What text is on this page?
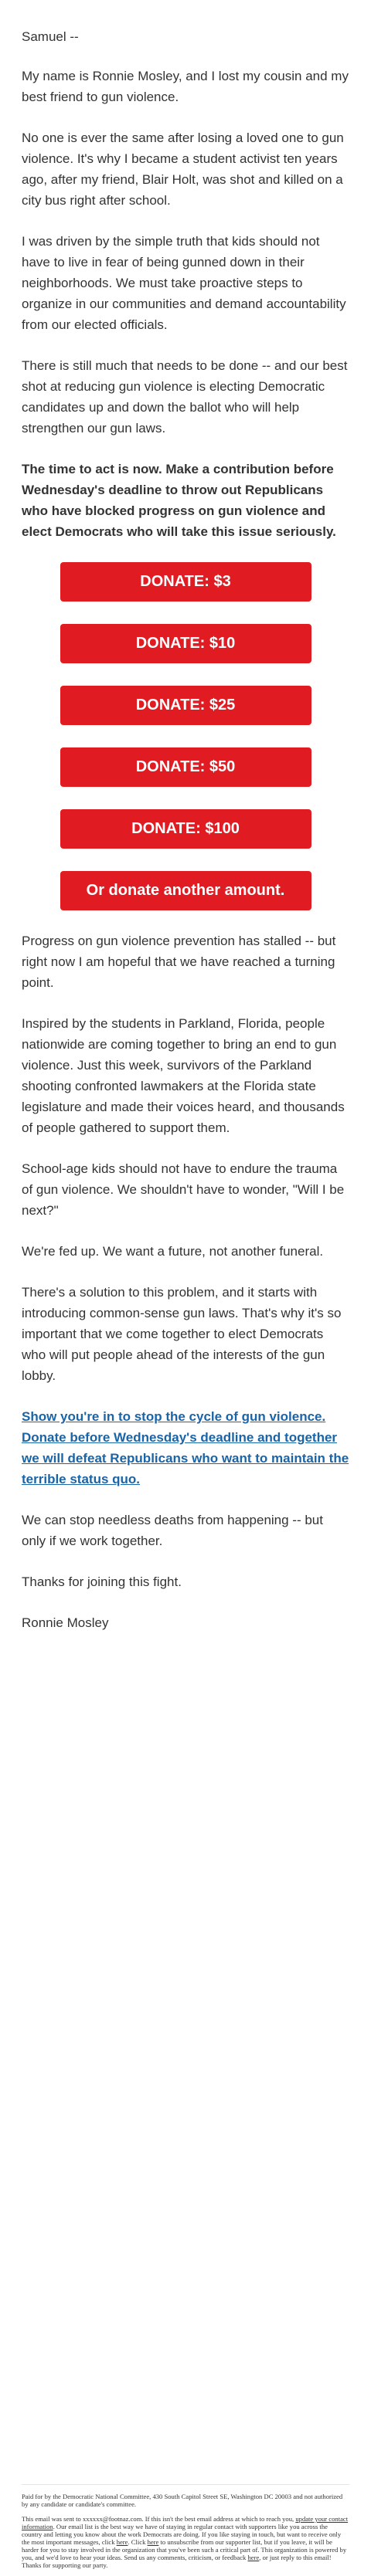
Samuel --

My name is Ronnie Mosley, and I lost my cousin and my best friend to gun violence.

No one is ever the same after losing a loved one to gun violence. It's why I became a student activist ten years ago, after my friend, Blair Holt, was shot and killed on a city bus right after school.

I was driven by the simple truth that kids should not have to live in fear of being gunned down in their neighborhoods. We must take proactive steps to organize in our communities and demand accountability from our elected officials.

There is still much that needs to be done -- and our best shot at reducing gun violence is electing Democratic candidates up and down the ballot who will help strengthen our gun laws.

The time to act is now. Make a contribution before Wednesday's deadline to throw out Republicans who have blocked progress on gun violence and elect Democrats who will take this issue seriously.

DONATE: $3
DONATE: $10
DONATE: $25
DONATE: $50
DONATE: $100
Or donate another amount.

Progress on gun violence prevention has stalled -- but right now I am hopeful that we have reached a turning point.

Inspired by the students in Parkland, Florida, people nationwide are coming together to bring an end to gun violence. Just this week, survivors of the Parkland shooting confronted lawmakers at the Florida state legislature and made their voices heard, and thousands of people gathered to support them.

School-age kids should not have to endure the trauma of gun violence. We shouldn't have to wonder, "Will I be next?"

We're fed up. We want a future, not another funeral.

There's a solution to this problem, and it starts with introducing common-sense gun laws. That's why it's so important that we come together to elect Democrats who will put people ahead of the interests of the gun lobby.

Show you're in to stop the cycle of gun violence. Donate before Wednesday's deadline and together we will defeat Republicans who want to maintain the terrible status quo.

We can stop needless deaths from happening -- but only if we work together.

Thanks for joining this fight.

Ronnie Mosley

Paid for by the Democratic National Committee, 430 South Capitol Street SE, Washington DC 20003 and not authorized by any candidate or candidate's committee.

This email was sent to xxxxxx@footnaz.com. If this isn't the best email address at which to reach you, update your contact information. Our email list is the best way we have of staying in regular contact with supporters like you across the country and letting you know about the work Democrats are doing. If you like staying in touch, but want to receive only the most important messages, click here. Click here to unsubscribe from our supporter list, but if you leave, it will be harder for you to stay involved in the organization that you've been such a critical part of. This organization is powered by you, and we'd love to hear your ideas. Send us any comments, criticism, or feedback here, or just reply to this email! Thanks for supporting our party.
